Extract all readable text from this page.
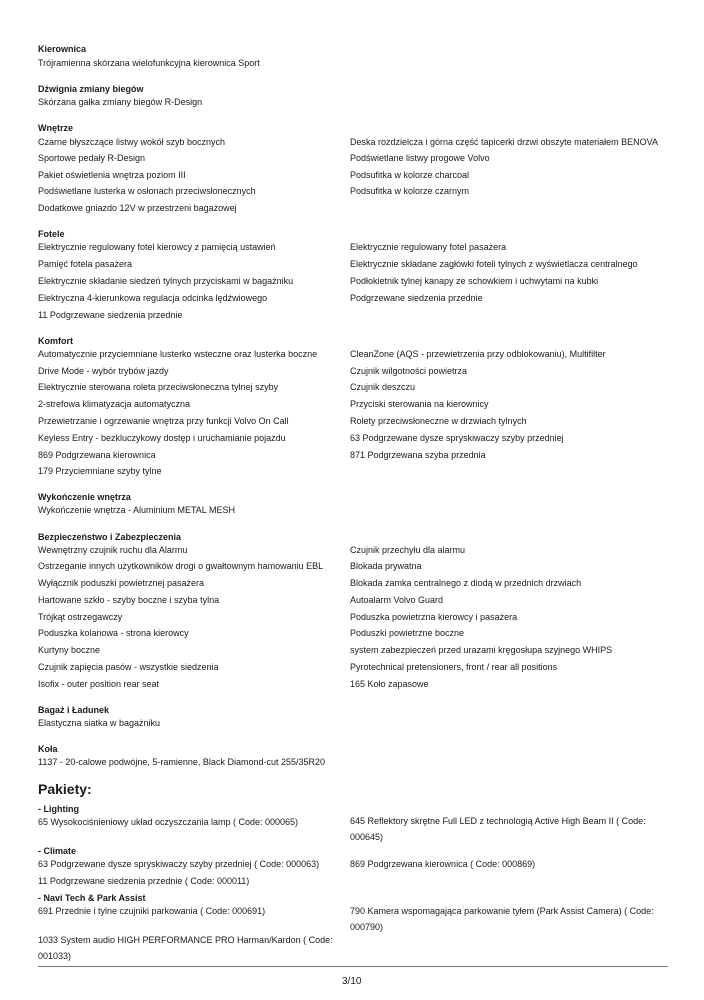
Kierownica
Trójramienna skórzana wielofunkcyjna kierownica Sport
Dźwignia zmiany biegów
Skórzana gałka zmiany biegów R-Design
Wnętrze
Czarne błyszczące listwy wokół szyb bocznych
Sportowe pedały R-Design
Pakiet oświetlenia wnętrza poziom III
Podświetlane lusterka w osłonach przeciwsłonecznych
Dodatkowe gniazdo 12V w przestrzeni bagażowej
Deska rozdzielcza i górna część tapicerki drzwi obszyte materiałem BENOVA
Podświetlane listwy progowe Volvo
Podsufitka w kolorze charcoal
Podsufitka w kolorze czarnym
Fotele
Elektrycznie regulowany fotel kierowcy z pamięcią ustawień
Pamięć fotela pasażera
Elektrycznie składanie siedzeń tylnych przyciskami w bagażniku
Elektryczna 4-kierunkowa regulacja odcinka lędźwiowego
11 Podgrzewane siedzenia przednie
Elektrycznie regulowany fotel pasażera
Elektrycznie składane zagłówki foteli tylnych z wyświetlacza centralnego
Podłokietnik tylnej kanapy ze schowkiem i uchwytami na kubki
Podgrzewane siedzenia przednie
Komfort
Automatycznie przyciemniane lusterko wsteczne oraz lusterka boczne
Drive Mode - wybór trybów jazdy
Elektrycznie sterowana roleta przeciwsłoneczna tylnej szyby
2-strefowa klimatyzacja automatyczna
Przewietrzanie i ogrzewanie wnętrza przy funkcji Volvo On Call
Keyless Entry - bezkluczykowy dostęp i uruchamianie pojazdu
869 Podgrzewana kierownica
179 Przyciemniane szyby tylne
CleanZone (AQS - przewietrzenia przy odblokowaniu), Multifilter
Czujnik wilgotności powietrza
Czujnik deszczu
Przyciski sterowania na kierownicy
Rolety przeciwsłoneczne w drzwiach tylnych
63 Podgrzewane dysze spryskiwaczy szyby przedniej
871 Podgrzewana szyba przednia
Wykończenie wnętrza
Wykończenie wnętrza - Aluminium METAL MESH
Bezpieczeństwo i Zabezpieczenia
Wewnętrzny czujnik ruchu dla Alarmu
Ostrzeganie innych użytkowników drogi o gwałtownym hamowaniu EBL
Wyłącznik poduszki powietrznej pasażera
Hartowane szkło - szyby boczne i szyba tylna
Trójkąt ostrzegawczy
Poduszka kolanowa - strona kierowcy
Kurtyny boczne
Czujnik zapięcia pasów - wszystkie siedzenia
Isofix - outer position rear seat
Czujnik przechyłu dla alarmu
Blokada prywatna
Blokada zamka centralnego z diodą w przednich drzwiach
Autoalarm Volvo Guard
Poduszka powietrzna kierowcy i pasażera
Poduszki powietrzne boczne
system zabezpieczeń przed urazami kręgosłupa szyjnego WHIPS
Pyrotechnical pretensioners, front / rear all positions
165 Koło zapasowe
Bagaż i Ładunek
Elastyczna siatka w bagażniku
Koła
1137 - 20-calowe podwójne, 5-ramienne, Black Diamond-cut 255/35R20
Pakiety:
- Lighting
65 Wysokociśnieniowy układ oczyszczania lamp ( Code: 000065)	645 Reflektory skrętne Full LED z technologią Active High Beam II ( Code: 000645)
- Climate
63 Podgrzewane dysze spryskiwaczy szyby przedniej ( Code: 000063)
11 Podgrzewane siedzenia przednie ( Code: 000011)
869 Podgrzewana kierownica ( Code: 000869)
- Navi Tech & Park Assist
691 Przednie i tylne czujniki parkowania ( Code: 000691)
1033 System audio HIGH PERFORMANCE PRO Harman/Kardon ( Code: 001033)
790 Kamera wspomagająca parkowanie tyłem (Park Assist Camera) ( Code: 000790)
3/10
